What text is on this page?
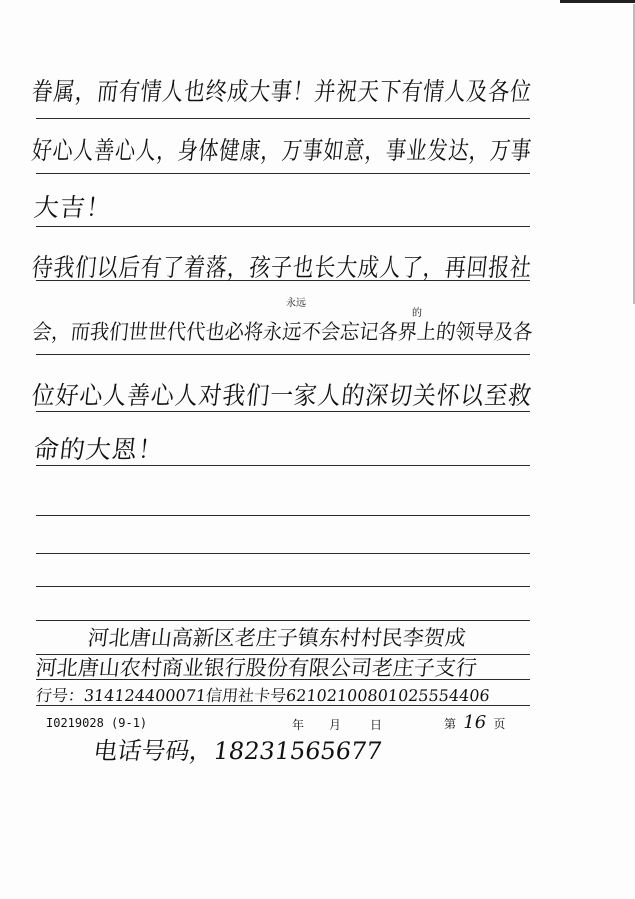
眷属，而有情人也终成大事！并祝天下有情人及各位
好心人善心人，身体健康，万事如意，事业发达，万事
大吉！
待我们以后有了着落，孩子也长大成人了，再回报社
永远
的
会，而我们世世代代也必将永远不会忘记各界上的领导及各
位好心人善心人对我们一家人的深切关怀以至救
命的大恩！
河北唐山高新区老庄子镇东村村民李贺成
河北唐山农村商业银行股份有限公司老庄子支行
行号：314124400071信用社卡号62102100801025554406
I0219028 (9-1)	年 月 日	第 16 页
电话号码，18231565677
